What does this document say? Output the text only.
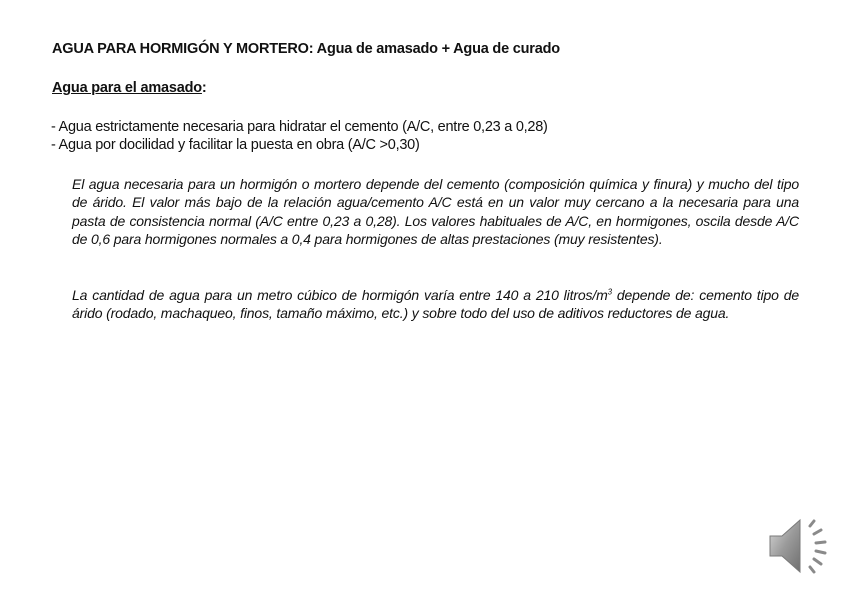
AGUA PARA HORMIGÓN Y MORTERO: Agua de amasado + Agua de curado
Agua para el amasado:
- Agua estrictamente necesaria para hidratar el cemento (A/C, entre 0,23 a 0,28)
- Agua por docilidad y facilitar la puesta en obra (A/C >0,30)
El agua necesaria para un hormigón o mortero depende del cemento (composición química y finura) y mucho del tipo de árido. El valor más bajo de la relación agua/cemento A/C está en un valor muy cercano a la necesaria para una pasta de consistencia normal (A/C entre 0,23 a 0,28). Los valores habituales de A/C, en hormigones, oscila desde A/C de 0,6 para hormigones normales a 0,4 para hormigones de altas prestaciones (muy resistentes).
La cantidad de agua para un metro cúbico de hormigón varía entre 140 a 210 litros/$m^3$ depende de: cemento tipo de árido (rodado, machaqueo, finos, tamaño máximo, etc.) y sobre todo del uso de aditivos reductores de agua.
